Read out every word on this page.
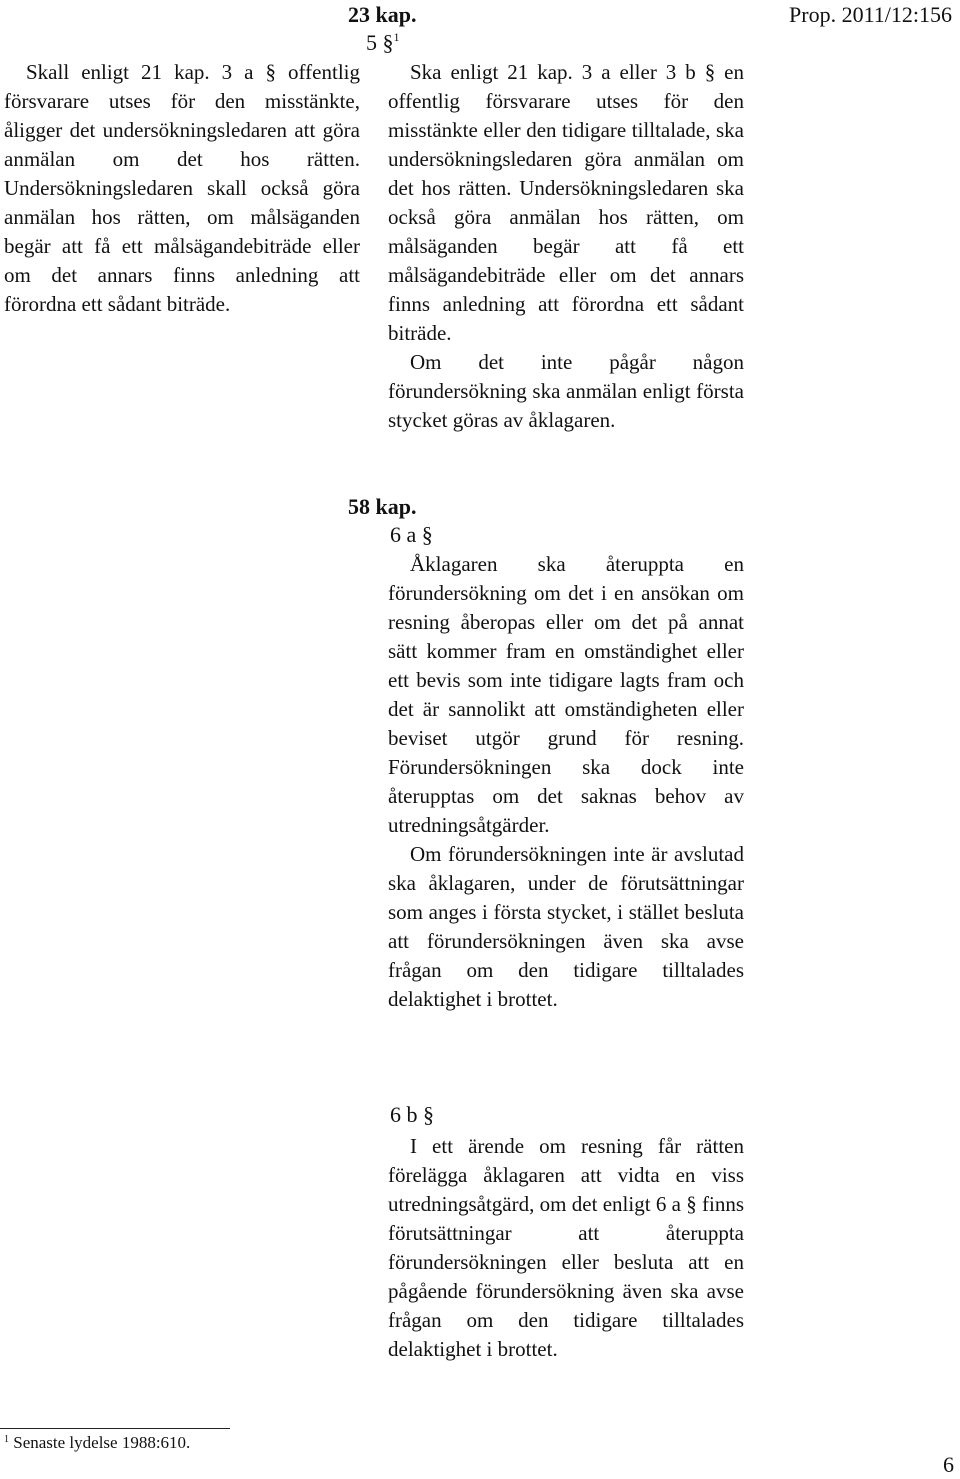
Prop. 2011/12:156
23 kap.
5 §$^1$

Skall enligt 21 kap. 3 a § offentlig försvarare utses för den misstänkte, åligger det undersökningsledaren att göra anmälan om det hos rätten. Undersökningsledaren skall också göra anmälan hos rätten, om målsäganden begär att få ett målsägandebiträde eller om det annars finns anledning att förordna ett sådant biträde.

Ska enligt 21 kap. 3 a eller 3 b § en offentlig försvarare utses för den misstänkte eller den tidigare tilltalade, ska undersökningsledaren göra anmälan om det hos rätten. Undersökningsledaren ska också göra anmälan hos rätten, om målsäganden begär att få ett målsägandebiträde eller om det annars finns anledning att förordna ett sådant biträde.

Om det inte pågår någon förundersökning ska anmälan enligt första stycket göras av åklagaren.

58 kap.
6 a §

Åklagaren ska återuppta en förundersökning om det i en ansökan om resning åberopas eller om det på annat sätt kommer fram en omständighet eller ett bevis som inte tidigare lagts fram och det är sannolikt att omständigheten eller beviset utgör grund för resning. Förundersökningen ska dock inte återupptas om det saknas behov av utredningsåtgärder.

Om förundersökningen inte är avslutad ska åklagaren, under de förutsättningar som anges i första stycket, i stället besluta att förundersökningen även ska avse frågan om den tidigare tilltalades delaktighet i brottet.

6 b §

I ett ärende om resning får rätten förelägga åklagaren att vidta en viss utredningsåtgärd, om det enligt 6 a § finns förutsättningar att återuppta förundersökningen eller besluta att en pågående förundersökning även ska avse frågan om den tidigare tilltalades delaktighet i brottet.

$^1$ Senaste lydelse 1988:610.
6
